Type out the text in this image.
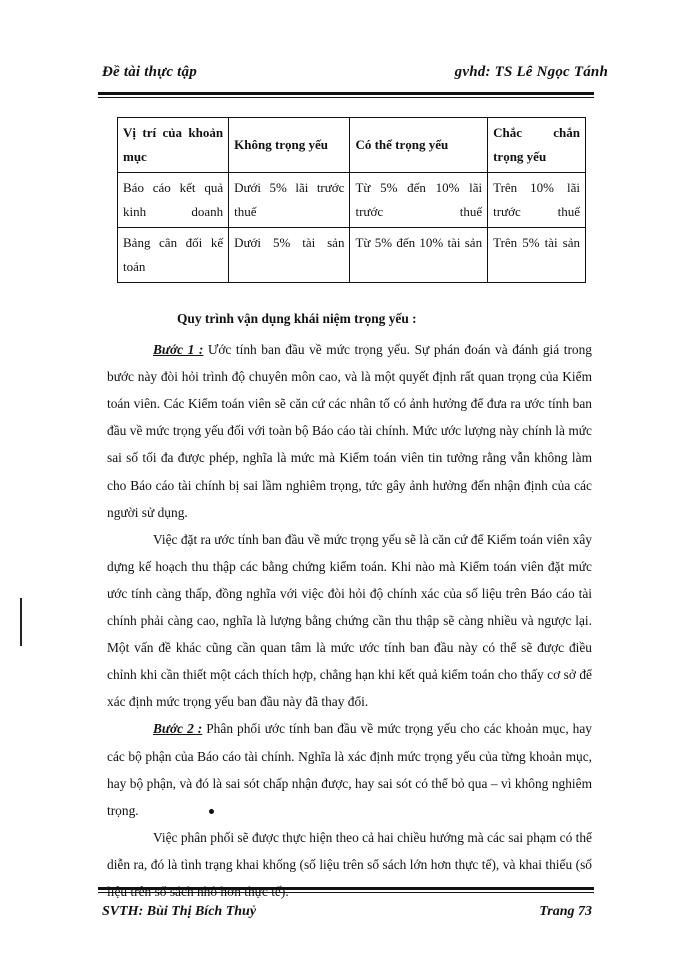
Đề tài thực tập	gvhd: TS Lê Ngọc Tánh
Vị trí của khoản mục	Không trọng yếu	Có thể trọng yếu	Chắc chắn trọng yếu
Báo cáo kết quả kinh doanh	Dưới 5% lãi trước thuế	Từ 5% đến 10% lãi trước thuế	Trên 10% lãi trước thuế
Bảng cân đối kế toán	Dưới 5% tài sản	Từ 5% đến 10% tài sản	Trên 5% tài sản

Quy trình vận dụng khái niệm trọng yếu :

Bước 1 : Ước tính ban đầu về mức trọng yếu. Sự phán đoán và đánh giá trong bước này đòi hỏi trình độ chuyên môn cao, và là một quyết định rất quan trọng của Kiểm toán viên. Các Kiểm toán viên sẽ căn cứ các nhân tố có ảnh hưởng để đưa ra ước tính ban đầu về mức trọng yếu đối với toàn bộ Báo cáo tài chính. Mức ước lượng này chính là mức sai số tối đa được phép, nghĩa là mức mà Kiểm toán viên tin tưởng rằng vẫn không làm cho Báo cáo tài chính bị sai lầm nghiêm trọng, tức gây ảnh hưởng đến nhận định của các người sử dụng.

Việc đặt ra ước tính ban đầu về mức trọng yếu sẽ là căn cứ để Kiểm toán viên xây dựng kế hoạch thu thập các bằng chứng kiểm toán. Khi nào mà Kiểm toán viên đặt mức ước tính càng thấp, đồng nghĩa với việc đòi hỏi độ chính xác của số liệu trên Báo cáo tài chính phải càng cao, nghĩa là lượng bằng chứng cần thu thập sẽ càng nhiều và ngược lại. Một vấn đề khác cũng cần quan tâm là mức ước tính ban đầu này có thể sẽ được điều chỉnh khi cần thiết một cách thích hợp, chẳng hạn khi kết quả kiểm toán cho thấy cơ sở để xác định mức trọng yếu ban đầu này đã thay đổi.

Bước 2 : Phân phối ước tính ban đầu về mức trọng yếu cho các khoản mục, hay các bộ phận của Báo cáo tài chính. Nghĩa là xác định mức trọng yếu của từng khoản mục, hay bộ phận, và đó là sai sót chấp nhận được, hay sai sót có thể bỏ qua – vì không nghiêm trọng.

Việc phân phối sẽ được thực hiện theo cả hai chiều hướng mà các sai phạm có thể diễn ra, đó là tình trạng khai khống (số liệu trên sổ sách lớn hơn thực tế), và khai thiếu (số

SVTH: Bùi Thị Bích Thuỷ	Trang 73
